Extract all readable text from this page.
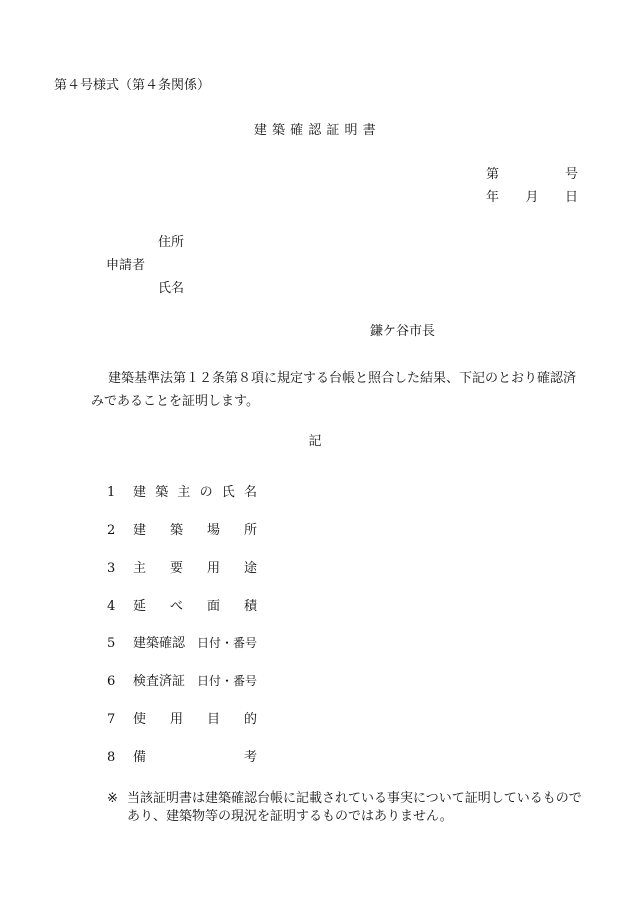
第４号様式（第４条関係）
建 築 確 認 証 明 書
第	号
年 月 日
住所
申請者
氏名
鎌ケ谷市長
建築基準法第１２条第８項に規定する台帳と照合した結果、下記のとおり確認済みであることを証明します。
記
1	建 築 主 の 氏 名
2	建 築 場 所
3	主 要 用 途
4	延 べ 面 積
5	建築確認 日付・番号
6	検査済証 日付・番号
7	使 用 目 的
8	備	考
※ 当該証明書は建築確認台帳に記載されている事実について証明しているものであり、建築物等の現況を証明するものではありません。
